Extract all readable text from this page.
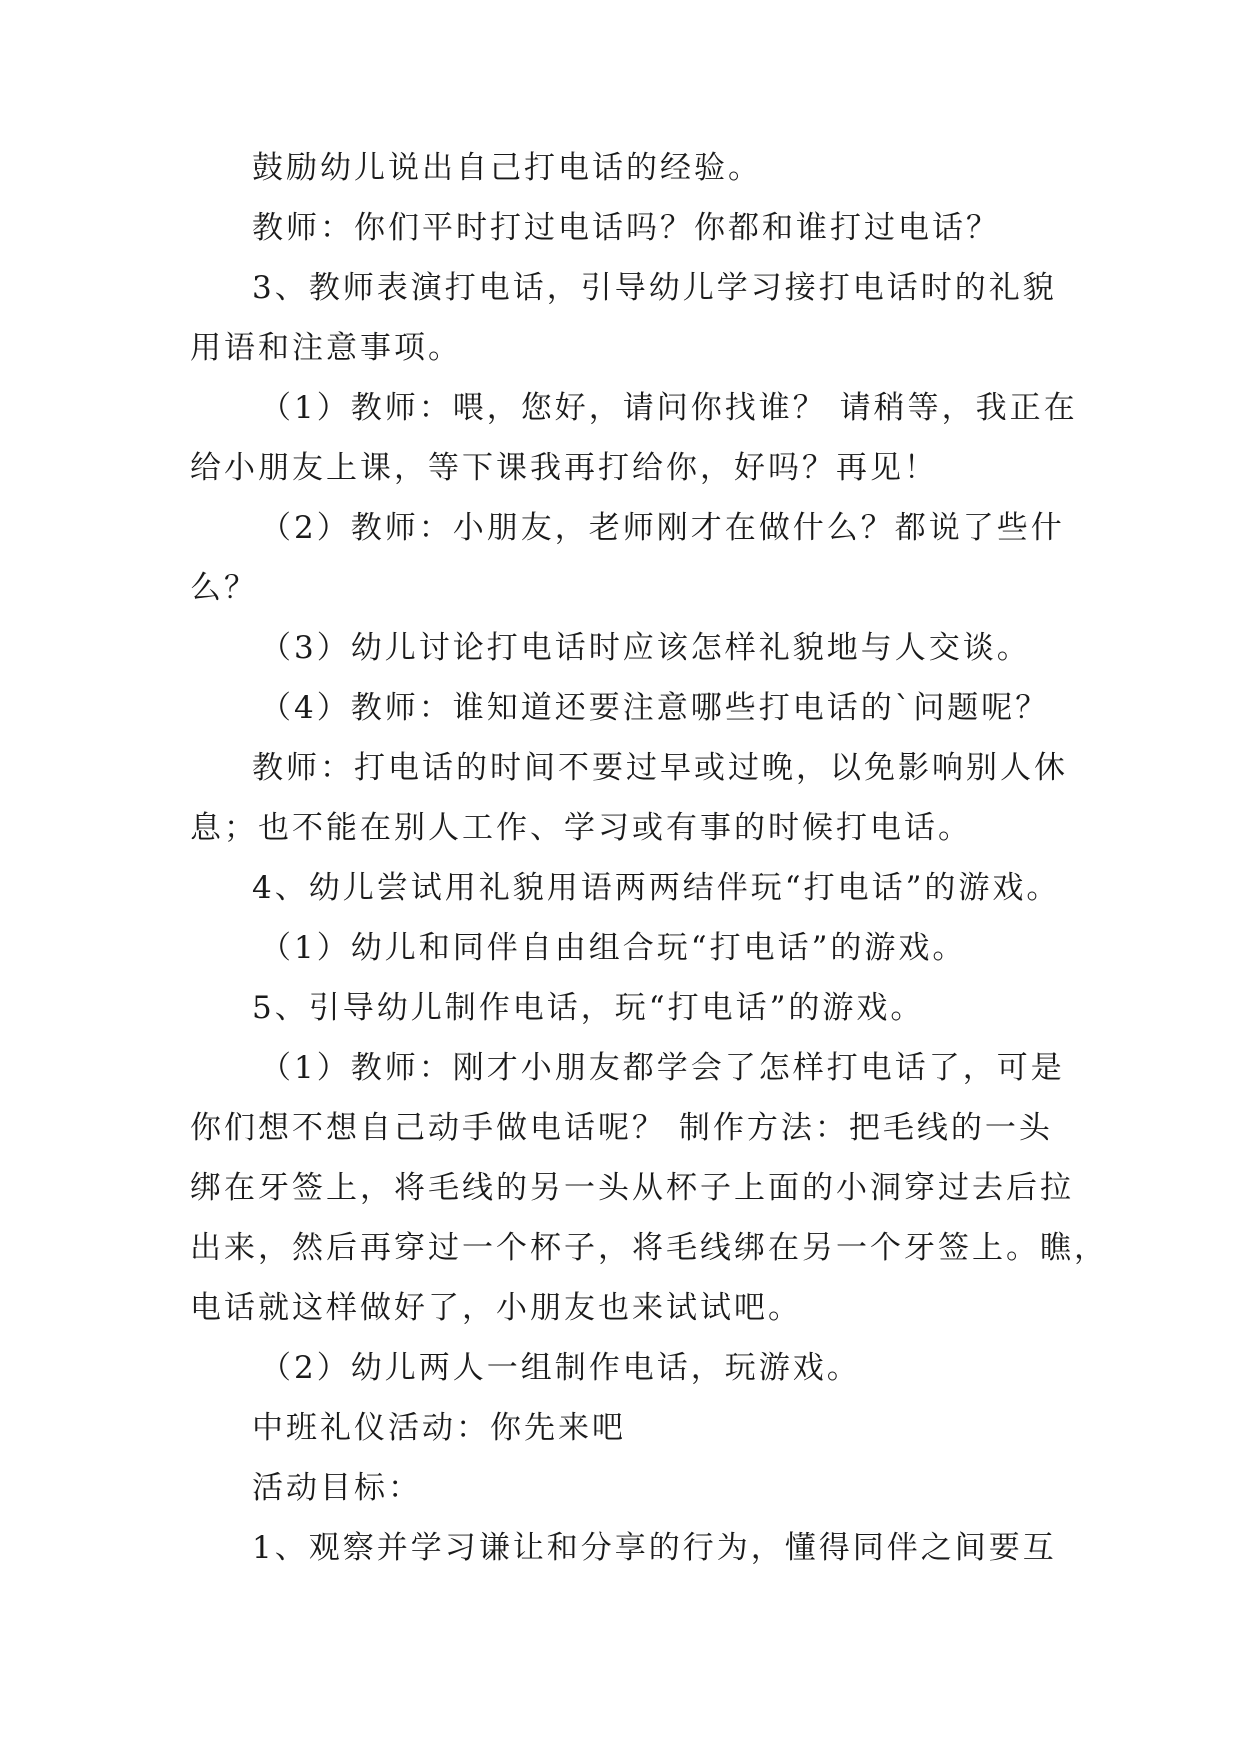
鼓励幼儿说出自己打电话的经验。
教师：你们平时打过电话吗？你都和谁打过电话？
3、教师表演打电话，引导幼儿学习接打电话时的礼貌
用语和注意事项。
（1）教师：喂，您好，请问你找谁？ 请稍等，我正在
给小朋友上课，等下课我再打给你，好吗？再见！
（2）教师：小朋友，老师刚才在做什么？都说了些什
么？
（3）幼儿讨论打电话时应该怎样礼貌地与人交谈。
（4）教师：谁知道还要注意哪些打电话的`问题呢？
教师：打电话的时间不要过早或过晚，以免影响别人休
息；也不能在别人工作、学习或有事的时候打电话。
4、幼儿尝试用礼貌用语两两结伴玩“打电话”的游戏。
（1）幼儿和同伴自由组合玩“打电话”的游戏。
5、引导幼儿制作电话，玩“打电话”的游戏。
（1）教师：刚才小朋友都学会了怎样打电话了，可是
你们想不想自己动手做电话呢？ 制作方法：把毛线的一头
绑在牙签上，将毛线的另一头从杯子上面的小洞穿过去后拉
出来，然后再穿过一个杯子，将毛线绑在另一个牙签上。瞧，
电话就这样做好了，小朋友也来试试吧。
（2）幼儿两人一组制作电话，玩游戏。
中班礼仪活动：你先来吧
活动目标：
1、观察并学习谦让和分享的行为，懂得同伴之间要互
